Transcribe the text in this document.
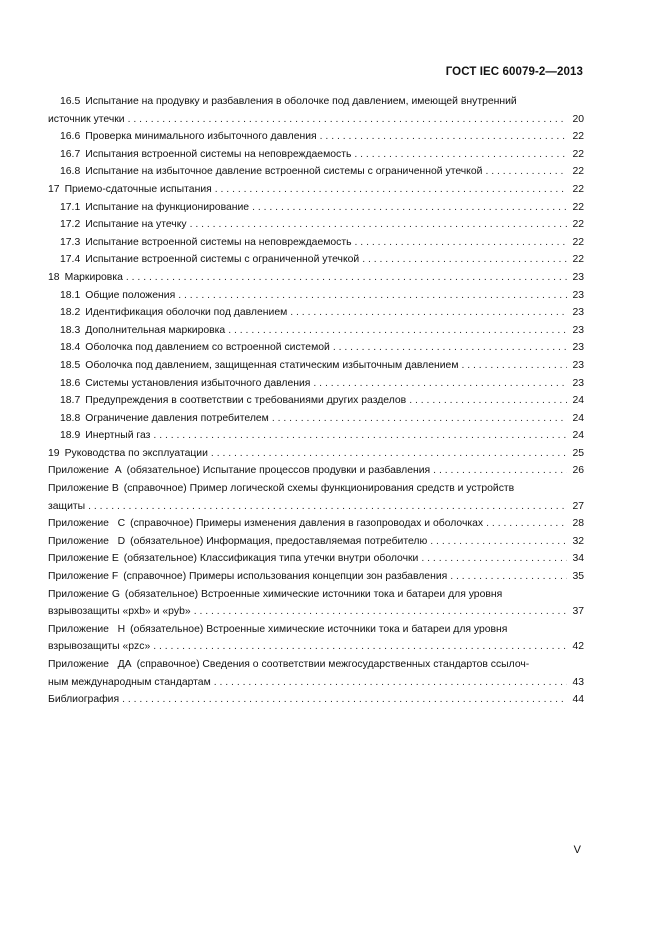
ГОСТ IEC 60079-2—2013
16.5 Испытание на продувку и разбавления в оболочке под давлением, имеющей внутренний
источник утечки . . .	20
16.6 Проверка минимального избыточного давления . . .	22
16.7 Испытания встроенной системы на неповреждаемость . . .	22
16.8 Испытание на избыточное давление встроенной системы с ограниченной утечкой . . .	22
17 Приемо-сдаточные испытания . . .	22
17.1 Испытание на функционирование . . .	22
17.2 Испытание на утечку . . .	22
17.3 Испытание встроенной системы на неповреждаемость . . .	22
17.4 Испытание встроенной системы с ограниченной утечкой . . .	22
18 Маркировка . . .	23
18.1 Общие положения . . .	23
18.2 Идентификация оболочки под давлением . . .	23
18.3 Дополнительная маркировка . . .	23
18.4 Оболочка под давлением со встроенной системой . . .	23
18.5 Оболочка под давлением, защищенная статическим избыточным давлением . . .	23
18.6 Системы установления избыточного давления . . .	23
18.7 Предупреждения в соответствии с требованиями других разделов . . .	24
18.8 Ограничение давления потребителем . . .	24
18.9 Инертный газ . . .	24
19 Руководства по эксплуатации . . .	25
Приложение  А (обязательное) Испытание процессов продувки и разбавления . . .	26
Приложение B (справочное) Пример логической схемы функционирования средств и устройств
защиты . . .	27
Приложение   С (справочное) Примеры изменения давления в газопроводах и оболочках . . .	28
Приложение   D (обязательное) Информация, предоставляемая потребителю . . .	32
Приложение E (обязательное) Классификация типа утечки внутри оболочки . . .	34
Приложение F (справочное) Примеры использования концепции зон разбавления . . .	35
Приложение G (обязательное) Встроенные химические источники тока и батареи для уровня
взрывозащиты «pxb» и «pyb» . . .	37
Приложение   H (обязательное) Встроенные химические источники тока и батареи для уровня
взрывозащиты «pzc» . . .	42
Приложение   ДА (справочное) Сведения о соответствии межгосударственных стандартов ссылоч-
ным международным стандартам . . .	43
Библиография . . .	44
V
